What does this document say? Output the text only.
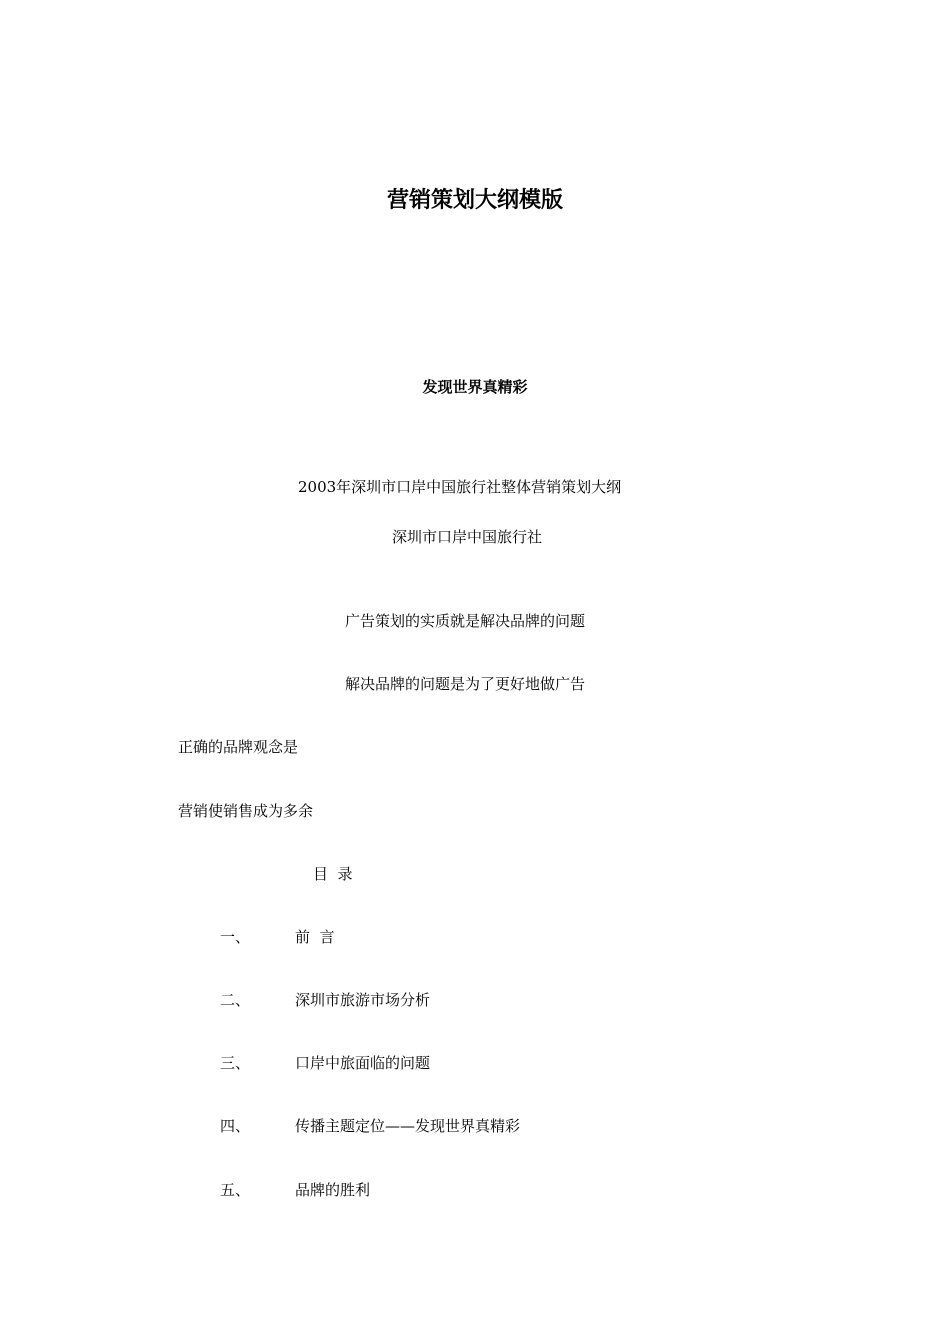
营销策划大纲模版
发现世界真精彩
2003年深圳市口岸中国旅行社整体营销策划大纲
深圳市口岸中国旅行社
广告策划的实质就是解决品牌的问题
解决品牌的问题是为了更好地做广告
正确的品牌观念是
营销使销售成为多余
目  录
一、	前  言
二、	深圳市旅游市场分析
三、	口岸中旅面临的问题
四、	传播主题定位——发现世界真精彩
五、	品牌的胜利
